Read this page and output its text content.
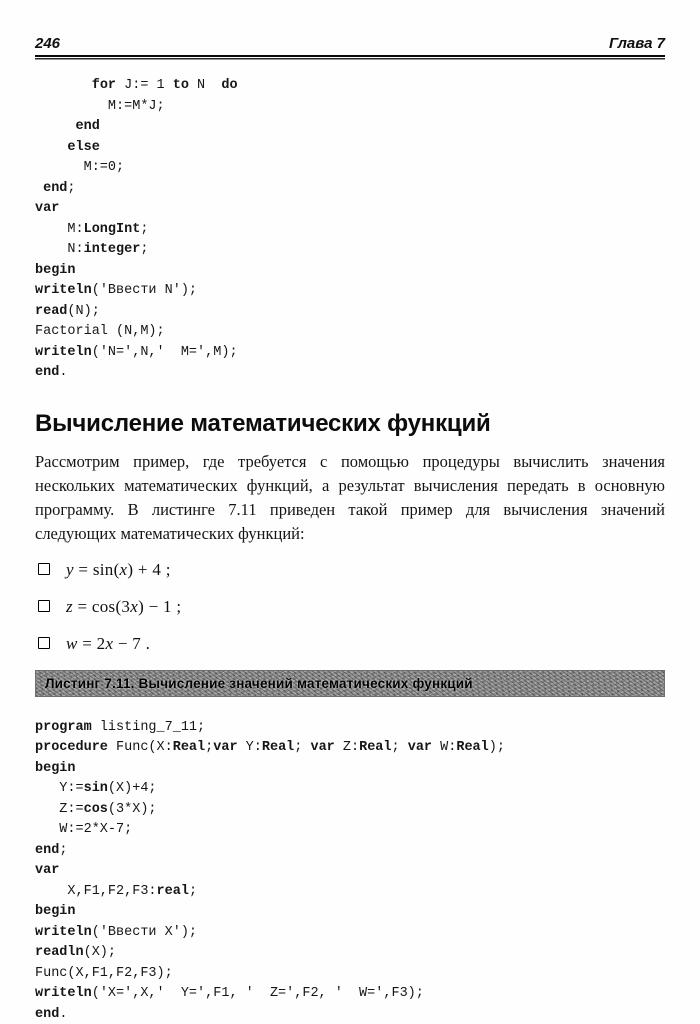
246	Глава 7
for J:= 1 to N  do
M:=M*J;
end
else
M:=0;
end;
var
M:LongInt;
N:integer;
begin
writeln('Ввести N');
read(N);
Factorial (N,M);
writeln('N=',N,'  M=',M);
end.
Вычисление математических функций

Рассмотрим пример, где требуется с помощью процедуры вычислить значения нескольких математических функций, а результат вычисления передать в основную программу. В листинге 7.11 приведен такой пример для вычисления значений следующих математических функций:

y = sin(x) + 4 ;
z = cos(3x) − 1 ;
w = 2x − 7 .
Листинг 7.11. Вычисление значений математических функций
program listing_7_11;
procedure Func(X:Real;var Y:Real; var Z:Real; var W:Real);
begin
Y:=sin(X)+4;
Z:=cos(3*X);
W:=2*X-7;
end;
var
X,F1,F2,F3:real;
begin
writeln('Ввести X');
readln(X);
Func(X,F1,F2,F3);
writeln('X=',X,'  Y=',F1, '  Z=',F2, '  W=',F3);
end.
